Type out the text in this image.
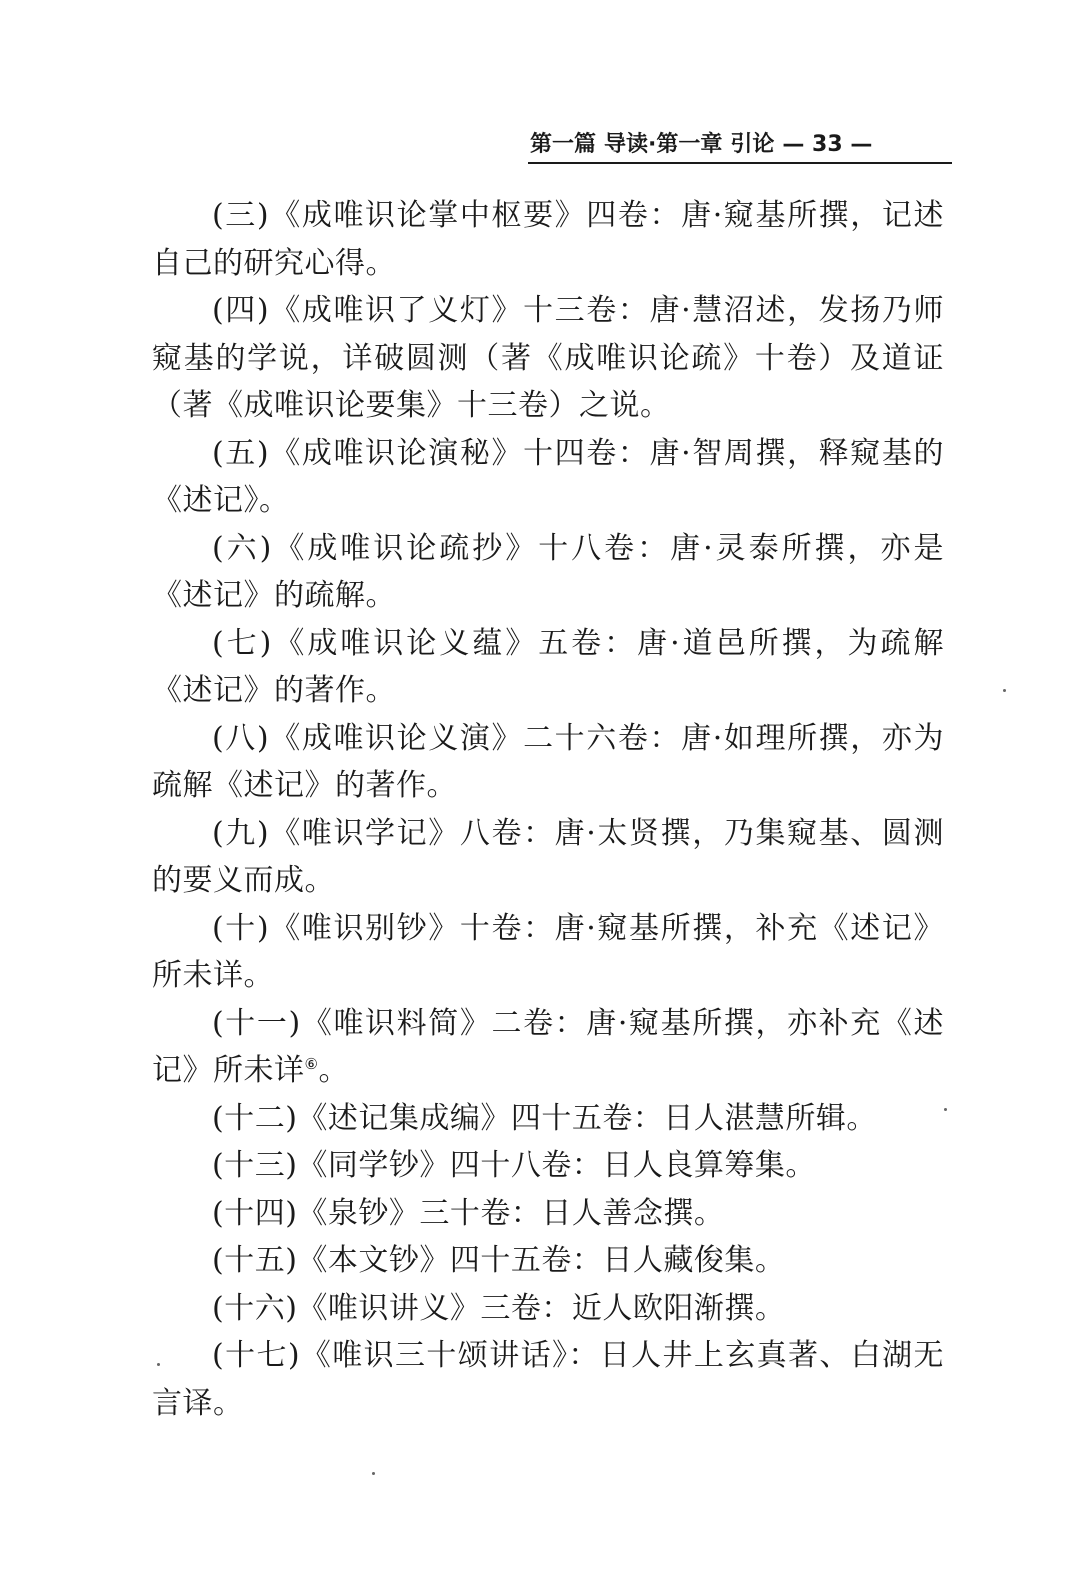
第一篇 导读·第一章 引论 — 33 —

(三)《成唯识论掌中枢要》四卷：唐·窥基所撰，记述自己的研究心得。

(四)《成唯识了义灯》十三卷：唐·慧沼述，发扬乃师窥基的学说，详破圆测（著《成唯识论疏》十卷）及道证（著《成唯识论要集》十三卷）之说。

(五)《成唯识论演秘》十四卷：唐·智周撰，释窥基的《述记》。

(六)《成唯识论疏抄》十八卷：唐·灵泰所撰，亦是《述记》的疏解。

(七)《成唯识论义蕴》五卷：唐·道邑所撰，为疏解《述记》的著作。

(八)《成唯识论义演》二十六卷：唐·如理所撰，亦为疏解《述记》的著作。

(九)《唯识学记》八卷：唐·太贤撰，乃集窥基、圆测的要义而成。

(十)《唯识别钞》十卷：唐·窥基所撰，补充《述记》所未详。

(十一)《唯识料简》二卷：唐·窥基所撰，亦补充《述记》所未详⑥。

(十二)《述记集成编》四十五卷：日人湛慧所辑。

(十三)《同学钞》四十八卷：日人良算筹集。

(十四)《泉钞》三十卷：日人善念撰。

(十五)《本文钞》四十五卷：日人藏俊集。

(十六)《唯识讲义》三卷：近人欧阳渐撰。

(十七)《唯识三十颂讲话》：日人井上玄真著、白湖无言译。
